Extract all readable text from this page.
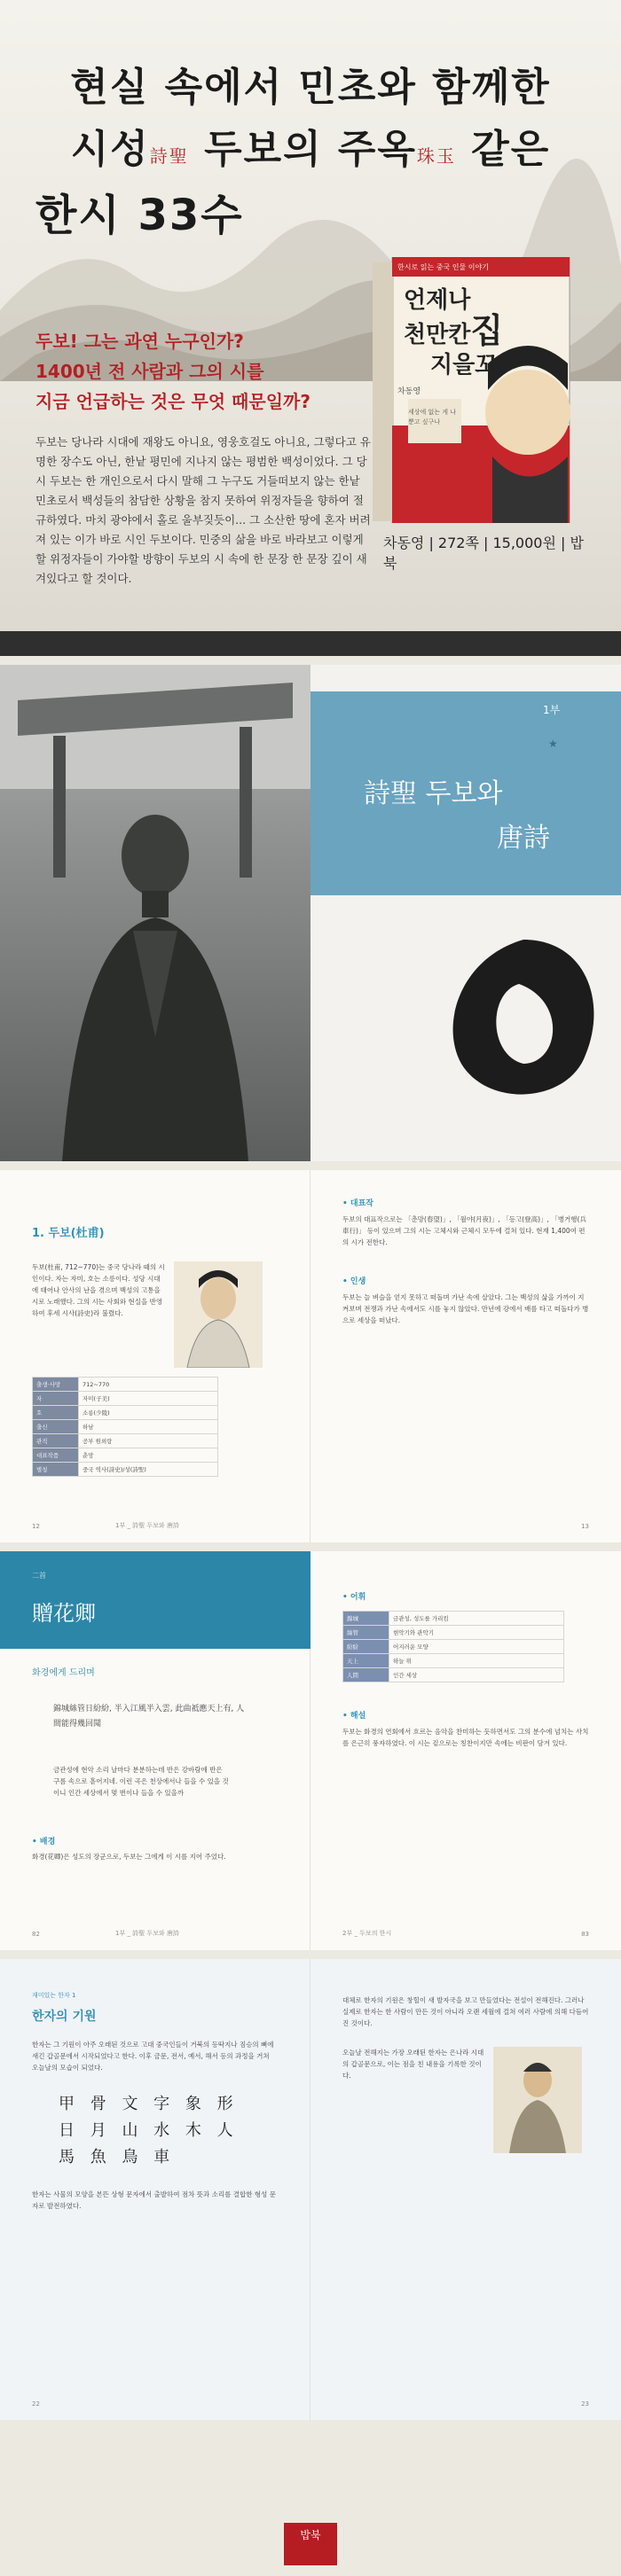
현실 속에서 민초와 함께한
시성詩聖 두보의 주옥珠玉 같은
한시 33수
두보! 그는 과연 누구인가?
1400년 전 사람과 그의 시를
지금 언급하는 것은 무엇 때문일까?

두보는 당나라 시대에 재왕도 아니요, 영웅호걸도 아니요, 그렇다고 유명한 장수도 아닌, 한낱 평민에 지나지 않는 평범한 백성이었다. 그 당시 두보는 한 개인으로서 다시 말해 그 누구도 거들떠보지 않는 한낱 민초로서 백성들의 참담한 상황을 참지 못하여 위정자들을 향하여 절규하였다. 마치 광야에서 홀로 울부짖듯이... 그 소산한 땅에 혼자 버려져 있는 이가 바로 시인 두보이다. 민중의 삶을 바로 바라보고 이렇게 할 위정자들이 가야할 방향이 두보의 시 속에 한 문장 한 문장 깊이 새겨있다고 할 것이다.

한시로 읽는 중국 인물 이야기
언제나
천만칸집
지을꼬
차동영
세상에 없는 게 나 뿐고 싶구나
차동영 | 272쪽 | 15,000원 | 밥북
1부
★
詩聖 두보와
唐詩
1. 두보(杜甫)

두보(杜甫, 712~770)는 중국 당나라 때의 시인이다. 자는 자미, 호는 소릉이다. 성당 시대에 태어나 안사의 난을 겪으며 백성의 고통을 시로 노래했다. 그의 시는 사회와 현실을 반영하여 후세 시사(詩史)라 불렸다.

출생·사망	712~770
자	자미(子美)
호	소릉(少陵)
출신	하남
관직	공부 원외랑
대표작품	춘망
별칭	중국 역사(詩史)/성(詩聖)
12	1부 _ 詩聖 두보와 唐詩
• 대표작

두보의 대표작으로는 「춘망(春望)」, 「월야(月夜)」, 「등고(登高)」, 「병거행(兵車行)」 등이 있으며 그의 시는 고체시와 근체시 모두에 걸쳐 있다. 현재 1,400여 편의 시가 전한다.

• 인생

두보는 늘 벼슬을 얻지 못하고 떠돌며 가난 속에 살았다. 그는 백성의 삶을 가까이 지켜보며 전쟁과 가난 속에서도 시를 놓지 않았다. 만년에 강에서 배를 타고 떠돌다가 병으로 세상을 떠났다.

13
二首
贈花卿
화경에게 드리며

錦城絲管日紛紛, 半入江風半入雲, 此曲祗應天上有, 人間能得幾回聞

금관성에 현악 소리 날마다 분분하는데 반은 강바람에 반은 구름 속으로 흩어지네. 이런 곡은 천상에서나 들을 수 있을 것이니 인간 세상에서 몇 번이나 들을 수 있을까

• 배경

화경(花卿)은 성도의 장군으로, 두보는 그에게 이 시를 지어 주었다.

82	1부 _ 詩聖 두보와 唐詩
• 어휘
錦城	금관성, 성도를 가리킴
絲管	현악기와 관악기
紛紛	어지러운 모양
天上	하늘 위
人間	인간 세상
• 해설

두보는 화경의 연회에서 흐르는 음악을 찬미하는 듯하면서도 그의 분수에 넘치는 사치를 은근히 풍자하였다. 이 시는 겉으로는 칭찬이지만 속에는 비판이 담겨 있다.

2부 _ 두보의 한시	83
재미있는 한자 1
한자의 기원

한자는 그 기원이 아주 오래된 것으로 고대 중국인들이 거북의 등딱지나 짐승의 뼈에 새긴 갑골문에서 시작되었다고 한다. 이후 금문, 전서, 예서, 해서 등의 과정을 거쳐 오늘날의 모습이 되었다.

甲 骨 文 字 象 形 日 月 山 水 木 人 馬 魚 鳥 車

한자는 사물의 모양을 본뜬 상형 문자에서 출발하여 점차 뜻과 소리를 결합한 형성 문자로 발전하였다.

22

대체로 한자의 기원은 창힐이 새 발자국을 보고 만들었다는 전설이 전해진다. 그러나 실제로 한자는 한 사람이 만든 것이 아니라 오랜 세월에 걸쳐 여러 사람에 의해 다듬어진 것이다.

오늘날 전해지는 가장 오래된 한자는 은나라 시대의 갑골문으로, 이는 점을 친 내용을 기록한 것이다.

23
밥북
